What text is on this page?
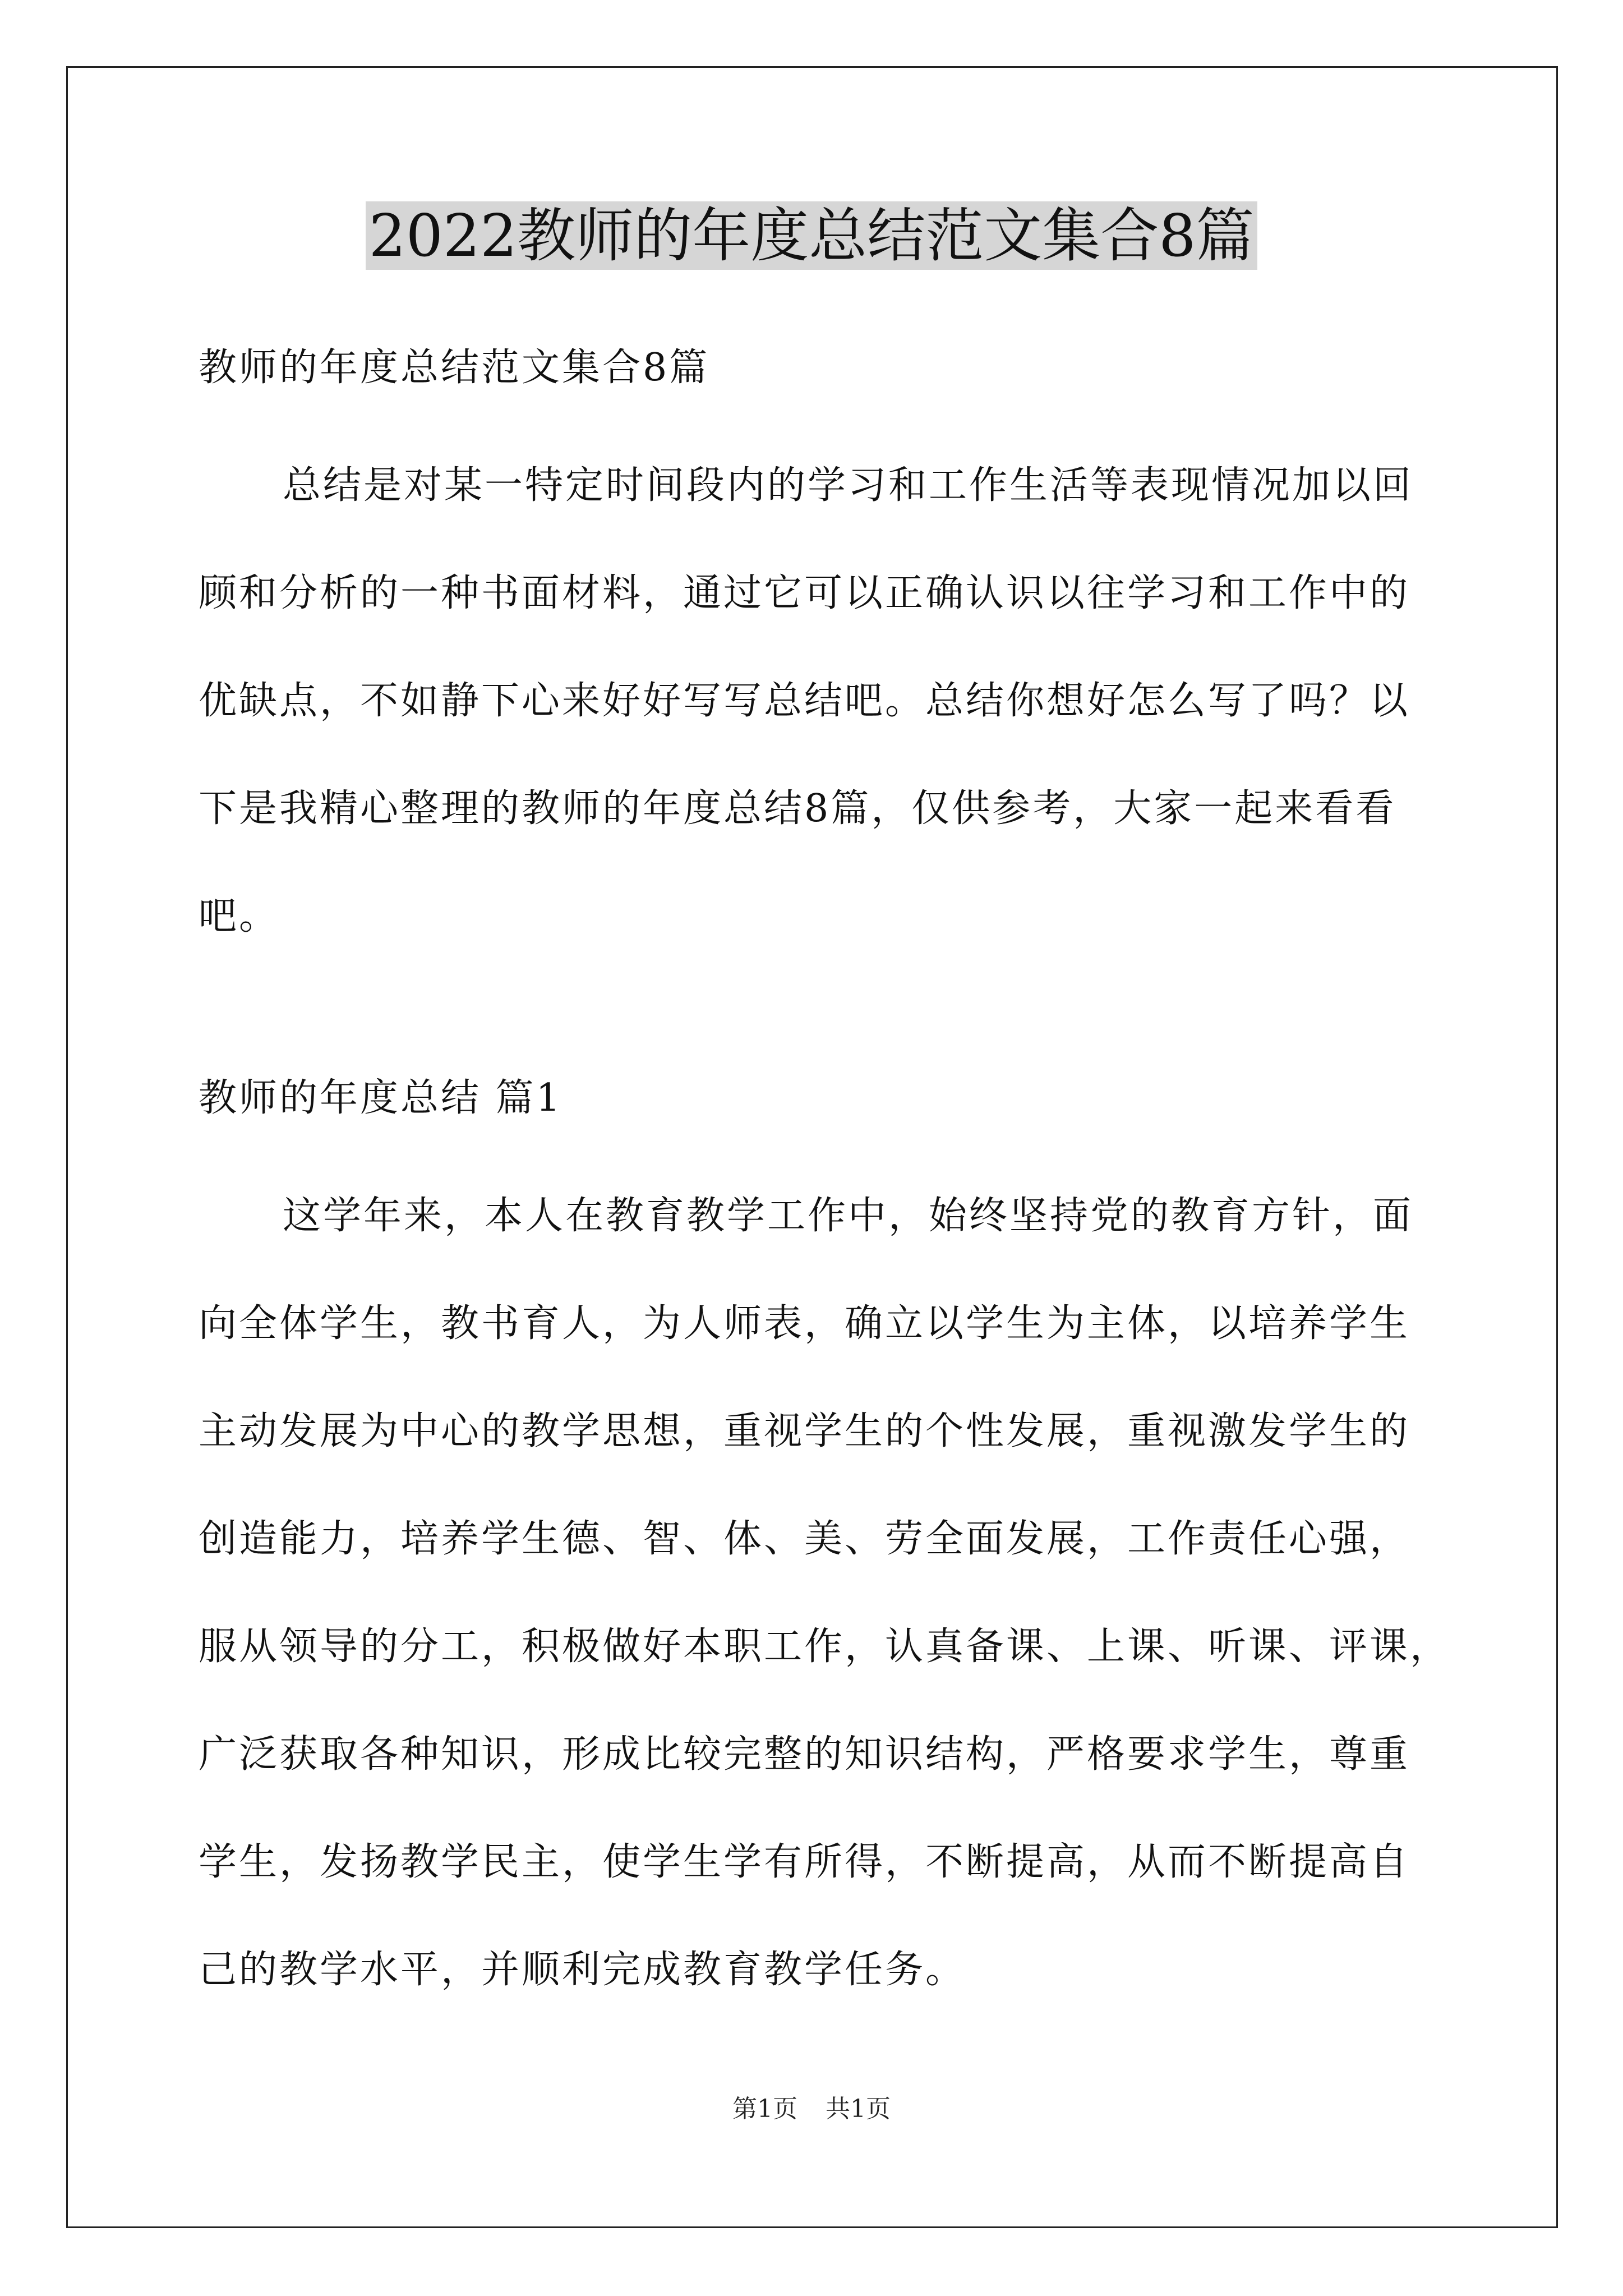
2022教师的年度总结范文集合8篇

教师的年度总结范文集合8篇

总结是对某一特定时间段内的学习和工作生活等表现情况加以回

顾和分析的一种书面材料，通过它可以正确认识以往学习和工作中的

优缺点，不如静下心来好好写写总结吧。总结你想好怎么写了吗？以

下是我精心整理的教师的年度总结8篇，仅供参考，大家一起来看看

吧。

教师的年度总结 篇1

这学年来，本人在教育教学工作中，始终坚持党的教育方针，面

向全体学生，教书育人，为人师表，确立以学生为主体，以培养学生

主动发展为中心的教学思想，重视学生的个性发展，重视激发学生的

创造能力，培养学生德、智、体、美、劳全面发展，工作责任心强，

服从领导的分工，积极做好本职工作，认真备课、上课、听课、评课，

广泛获取各种知识，形成比较完整的知识结构，严格要求学生，尊重

学生，发扬教学民主，使学生学有所得，不断提高，从而不断提高自

己的教学水平，并顺利完成教育教学任务。

第1页 共1页
